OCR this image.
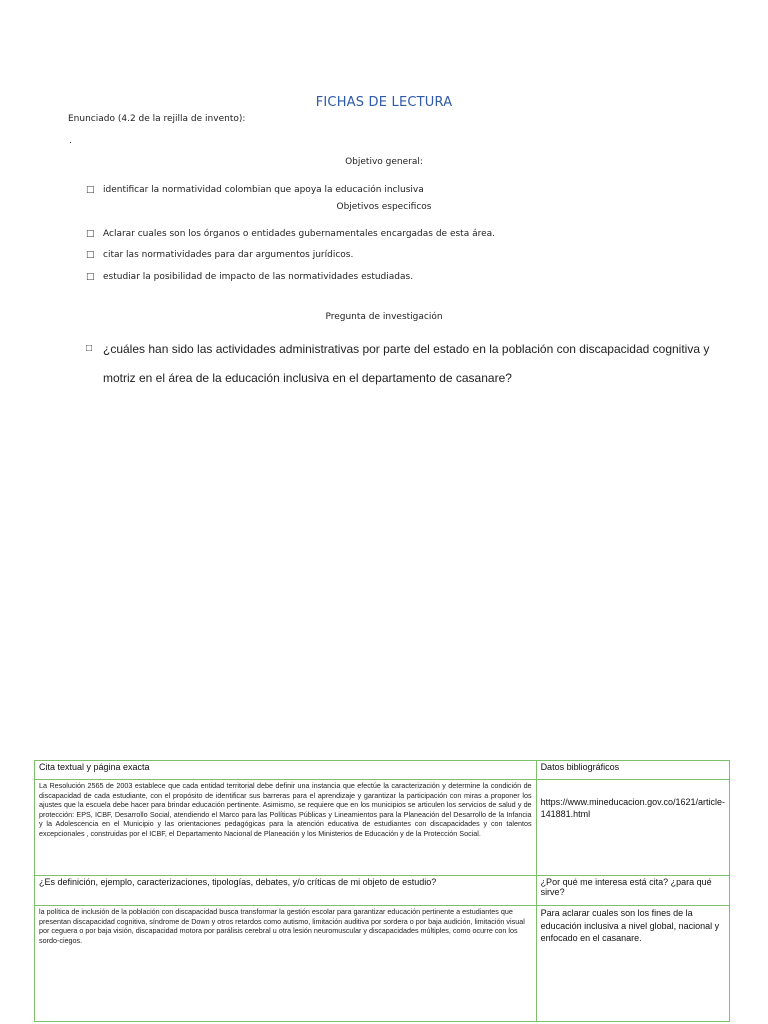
FICHAS DE LECTURA
Enunciado (4.2 de la rejilla de invento):
.
Objetivo general:
□ identificar la normatividad colombian que apoya la educación inclusiva
Objetivos especificos
□ Aclarar cuales son los órganos o entidades gubernamentales encargadas de esta área.
□ citar las normatividades para dar argumentos jurídicos.
□ estudiar la posibilidad de impacto de las normatividades estudiadas.
Pregunta de investigación
□ ¿cuáles han sido las actividades administrativas por parte del estado en la población con discapacidad cognitiva y motriz en el área de la educación inclusiva en el departamento de casanare?
Cita textual y página exacta	Datos bibliográficos
La Resolución 2565 de 2003 establece que cada entidad territorial debe definir una instancia que efectúe la caracterización y determine la condición de discapacidad de cada estudiante, con el propósito de identificar sus barreras para el aprendizaje y garantizar la participación con miras a proponer los ajustes que la escuela debe hacer para brindar educación pertinente. Asimismo, se requiere que en los municipios se articulen los servicios de salud y de protección: EPS, ICBF, Desarrollo Social, atendiendo el Marco para las Políticas Públicas y Lineamientos para la Planeación del Desarrollo de la Infancia y la Adolescencia en el Municipio y las orientaciones pedagógicas para la atención educativa de estudiantes con discapacidades y con talentos excepcionales , construidas por el ICBF, el Departamento Nacional de Planeación y los Ministerios de Educación y de la Protección Social.	https://www.mineducacion.gov.co/1621/article-141881.html
¿Es definición, ejemplo, caracterizaciones, tipologías, debates, y/o críticas de mi objeto de estudio?	¿Por qué me interesa está cita? ¿para qué sirve?
la política de inclusión de la población con discapacidad busca transformar la gestión escolar para garantizar educación pertinente a estudiantes que presentan discapacidad cognitiva, síndrome de Down y otros retardos como autismo, limitación auditiva por sordera o por baja audición, limitación visual por ceguera o por baja visión, discapacidad motora por parálisis cerebral u otra lesión neuromuscular y discapacidades múltiples, como ocurre con los sordo-ciegos.	Para aclarar cuales son los fines de la educación inclusiva a nivel global, nacional y enfocado en el casanare.
